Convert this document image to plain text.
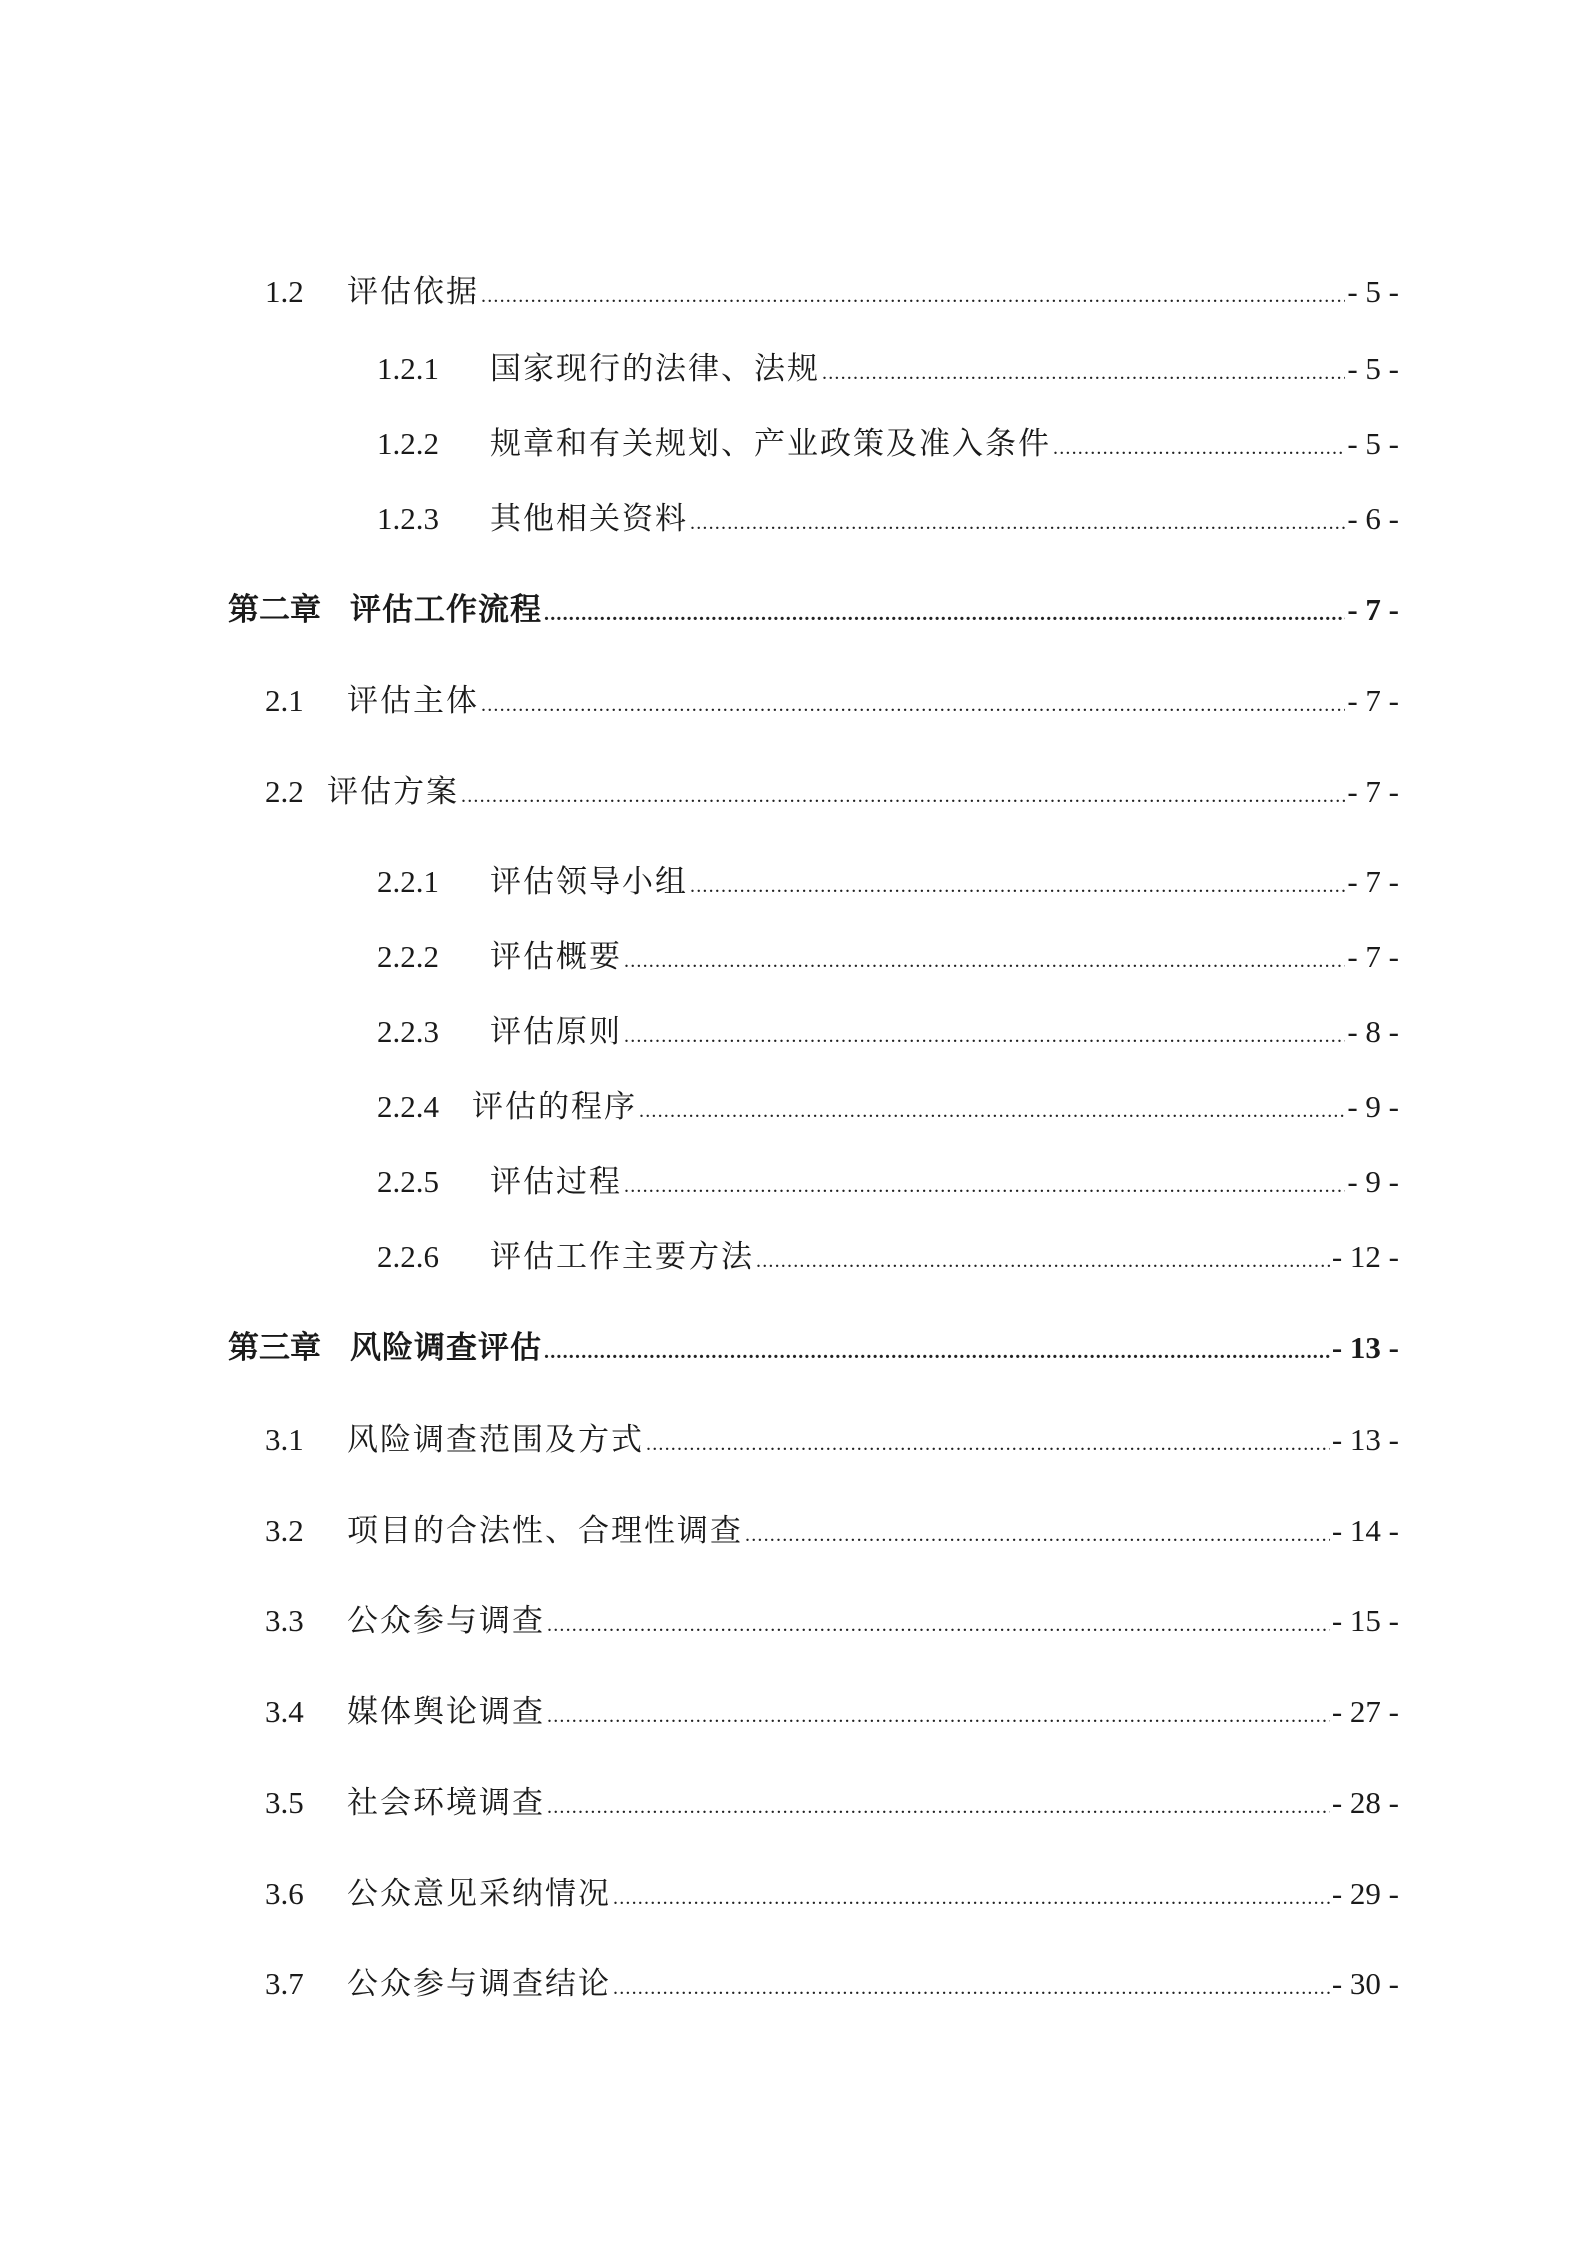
1.2	评估依据 .....	- 5 -
1.2.1	国家现行的法律、法规 .....	- 5 -
1.2.2	规章和有关规划、产业政策及准入条件 .....	- 5 -
1.2.3	其他相关资料 .....	- 6 -
第二章 评估工作流程 .....	- 7 -
2.1	评估主体 .....	- 7 -
2.2 评估方案 .....	- 7 -
2.2.1	评估领导小组 .....	- 7 -
2.2.2	评估概要 .....	- 7 -
2.2.3	评估原则 .....	- 8 -
2.2.4	评估的程序 .....	- 9 -
2.2.5	评估过程 .....	- 9 -
2.2.6	评估工作主要方法 .....	- 12 -
第三章 风险调查评估 .....	- 13 -
3.1	风险调查范围及方式 .....	- 13 -
3.2	项目的合法性、合理性调查 .....	- 14 -
3.3	公众参与调查 .....	- 15 -
3.4	媒体舆论调查 .....	- 27 -
3.5	社会环境调查 .....	- 28 -
3.6	公众意见采纳情况 .....	- 29 -
3.7	公众参与调查结论 .....	- 30 -
